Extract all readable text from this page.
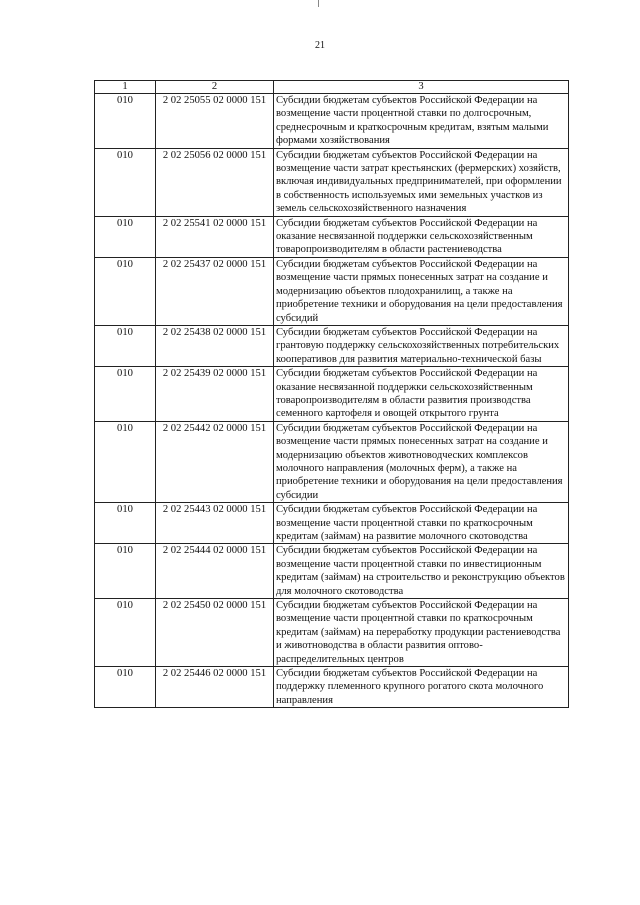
21
1	2	3
010	2 02 25055 02 0000 151	Субсидии бюджетам субъектов Российской Федерации на возмещение части процентной ставки по долгосрочным, среднесрочным и краткосрочным кредитам, взятым малыми формами хозяйствования
010	2 02 25056 02 0000 151	Субсидии бюджетам субъектов Российской Федерации на возмещение части затрат крестьянских (фермерских) хозяйств, включая индивидуальных предпринимателей, при оформлении в собственность используемых ими земельных участков из земель сельскохозяйственного назначения
010	2 02 25541 02 0000 151	Субсидии бюджетам субъектов Российской Федерации на оказание несвязанной поддержки сельскохозяйственным товаропроизводителям в области растениеводства
010	2 02 25437 02 0000 151	Субсидии бюджетам субъектов Российской Федерации на возмещение части прямых понесенных затрат на создание и модернизацию объектов плодохранилищ, а также на приобретение техники и оборудования на цели предоставления субсидий
010	2 02 25438 02 0000 151	Субсидии бюджетам субъектов Российской Федерации на грантовую поддержку сельскохозяйственных потребительских кооперативов для развития материально-технической базы
010	2 02 25439 02 0000 151	Субсидии бюджетам субъектов Российской Федерации на оказание несвязанной поддержки сельскохозяйственным товаропроизводителям в области развития производства семенного картофеля и овощей открытого грунта
010	2 02 25442 02 0000 151	Субсидии бюджетам субъектов Российской Федерации на возмещение части прямых понесенных затрат на создание и модернизацию объектов животноводческих комплексов молочного направления (молочных ферм), а также на приобретение техники и оборудования на цели предоставления субсидии
010	2 02 25443 02 0000 151	Субсидии бюджетам субъектов Российской Федерации на возмещение части процентной ставки по краткосрочным кредитам (займам) на развитие молочного скотоводства
010	2 02 25444 02 0000 151	Субсидии бюджетам субъектов Российской Федерации на возмещение части процентной ставки по инвестиционным кредитам (займам) на строительство и реконструкцию объектов для молочного скотоводства
010	2 02 25450 02 0000 151	Субсидии бюджетам субъектов Российской Федерации на возмещение части процентной ставки по краткосрочным кредитам (займам) на переработку продукции растениеводства и животноводства в области развития оптово-распределительных центров
010	2 02 25446 02 0000 151	Субсидии бюджетам субъектов Российской Федерации на поддержку племенного крупного рогатого скота молочного направления
